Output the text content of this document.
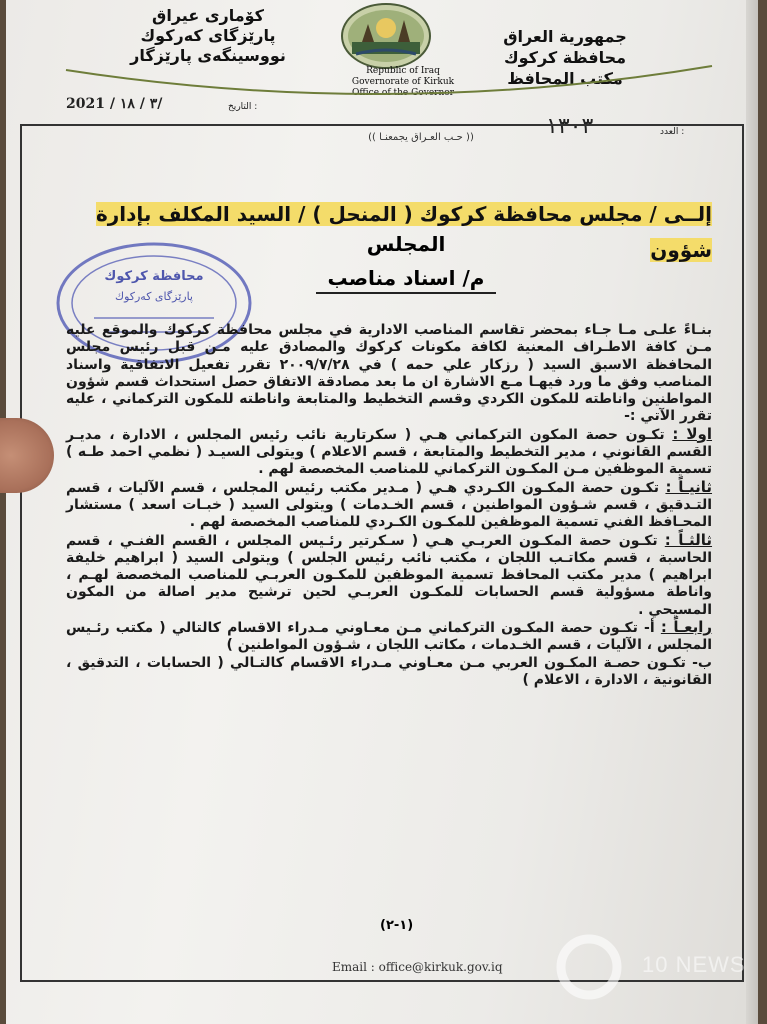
كۆماری عیراق
پارێزگای كەركوك
نووسینگەی پارێزگار
Republic of Iraq
Governorate of Kirkuk
Office of the Governor
جمهورية العراق
محافظة كركوك
مكتب المحافظ
2021 / ٣ / ١٨/	التاريخ :
١٣٠٣	العدد :
(( حـب العـراق يجمعنـا ))
إلــى / مجلس محافظة كركوك ( المنحل ) / السيد المكلف بإدارة شؤون
المجلس
م/ اسناد مناصب
محافظة كركوك
پارێزگای كەركوك

بنـاءً علـى مـا جـاء بمحضر تقاسم المناصب الادارية في مجلس محافظة كركوك والموقع عليه مـن كافة الاطـراف المعنية لكافة مكونات كركوك والمصادق عليه مـن قبل رئيس مجلس المحافظة الاسبق السيد ( رزكار علي حمه ) في ٢٠٠٩/٧/٢٨ تقرر تفعيل الاتفاقية واسناد المناصب وفق ما ورد فيهـا مـع الاشارة ان ما بعد مصادقة الاتفاق حصل استحداث قسم شؤون المواطنين واناطته للمكون الكردي وقسم التخطيط والمتابعة واناطته للمكون التركماني ، عليه تقرر الآتي :-

اولا : تكـون حصة المكون التركماني هـي ( سكرتارية نائب رئيس المجلس ، الادارة ، مديـر القسم القانوني ، مدير التخطيط والمتابعة ، قسم الاعلام ) ويتولى السيـد ( نظمي احمد طـه ) تسمية الموظفين مـن المكـون التركماني للمناصب المخصصة لهم .

ثانيـاً : تكـون حصة المكـون الكـردي هـي ( مـدير مكتب رئيس المجلس ، قسم الآليات ، قسم التـدقيق ، قسم شـؤون المواطنين ، قسم الخـدمات ) ويتولى السيد ( خبـات اسعد ) مستشار المحـافظ الفني تسمية الموظفين للمكـون الكـردي للمناصب المخصصة لهم .

ثالثـاً : تكـون حصة المكـون العربـي هـي ( سـكرتير رئـيس المجلس ، القسم الفنـي ، قسم الحاسبة ، قسم مكاتـب اللجان ، مكتب نائب رئيس الجلس ) ويتولى السيد ( ابراهيم خليفة ابراهيم ) مدير مكتب المحافظ تسمية الموظفين للمكـون العربـي للمناصب المخصصة لهـم ، واناطة مسؤولية قسم الحسابات للمكـون العربـي لحين ترشيح مدير اصالة من المكون المسيحي .

رابعـاً : أ- تكـون حصة المكـون التركماني مـن معـاوني مـدراء الاقسام كالتالي ( مكتب رئـيس المجلس ، الآليات ، قسم الخـدمات ، مكاتب اللجان ، شـؤون المواطنين )

ب- تكـون حصـة المكـون العربي مـن معـاوني مـدراء الاقسام كالتـالي ( الحسابات ، التدقيق ، القانونية ، الادارة ، الاعلام )

(١-٢)
Email : office@kirkuk.gov.iq	10 NEWS
